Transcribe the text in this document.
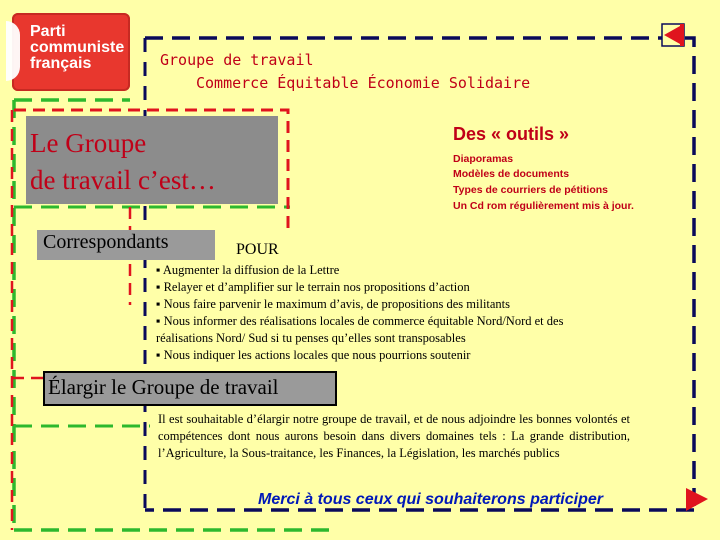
Parti
communiste
français	Groupe de travail
Commerce Équitable Économie Solidaire
Le Groupe
de travail c’est…
Des « outils »
Diaporamas
Modèles de documents
Types de courriers de pétitions
Un Cd rom régulièrement mis à jour.
Correspondants	POUR
▪ Augmenter la diffusion de la Lettre
▪ Relayer et d’amplifier sur le terrain nos propositions d’action
▪ Nous faire parvenir le maximum d’avis, de propositions des militants
▪ Nous informer des réalisations locales de commerce équitable Nord/Nord et des
réalisations Nord/ Sud si tu penses qu’elles sont transposables
▪ Nous indiquer les actions locales que nous pourrions soutenir
Élargir le Groupe de travail
Il est souhaitable d’élargir notre groupe de travail, et de nous adjoindre les bonnes volontés et compétences dont nous aurons besoin dans divers domaines tels : La grande distribution, l’Agriculture, la Sous-traitance, les Finances, la Législation, les marchés publics
Merci à tous ceux qui souhaiterons participer
